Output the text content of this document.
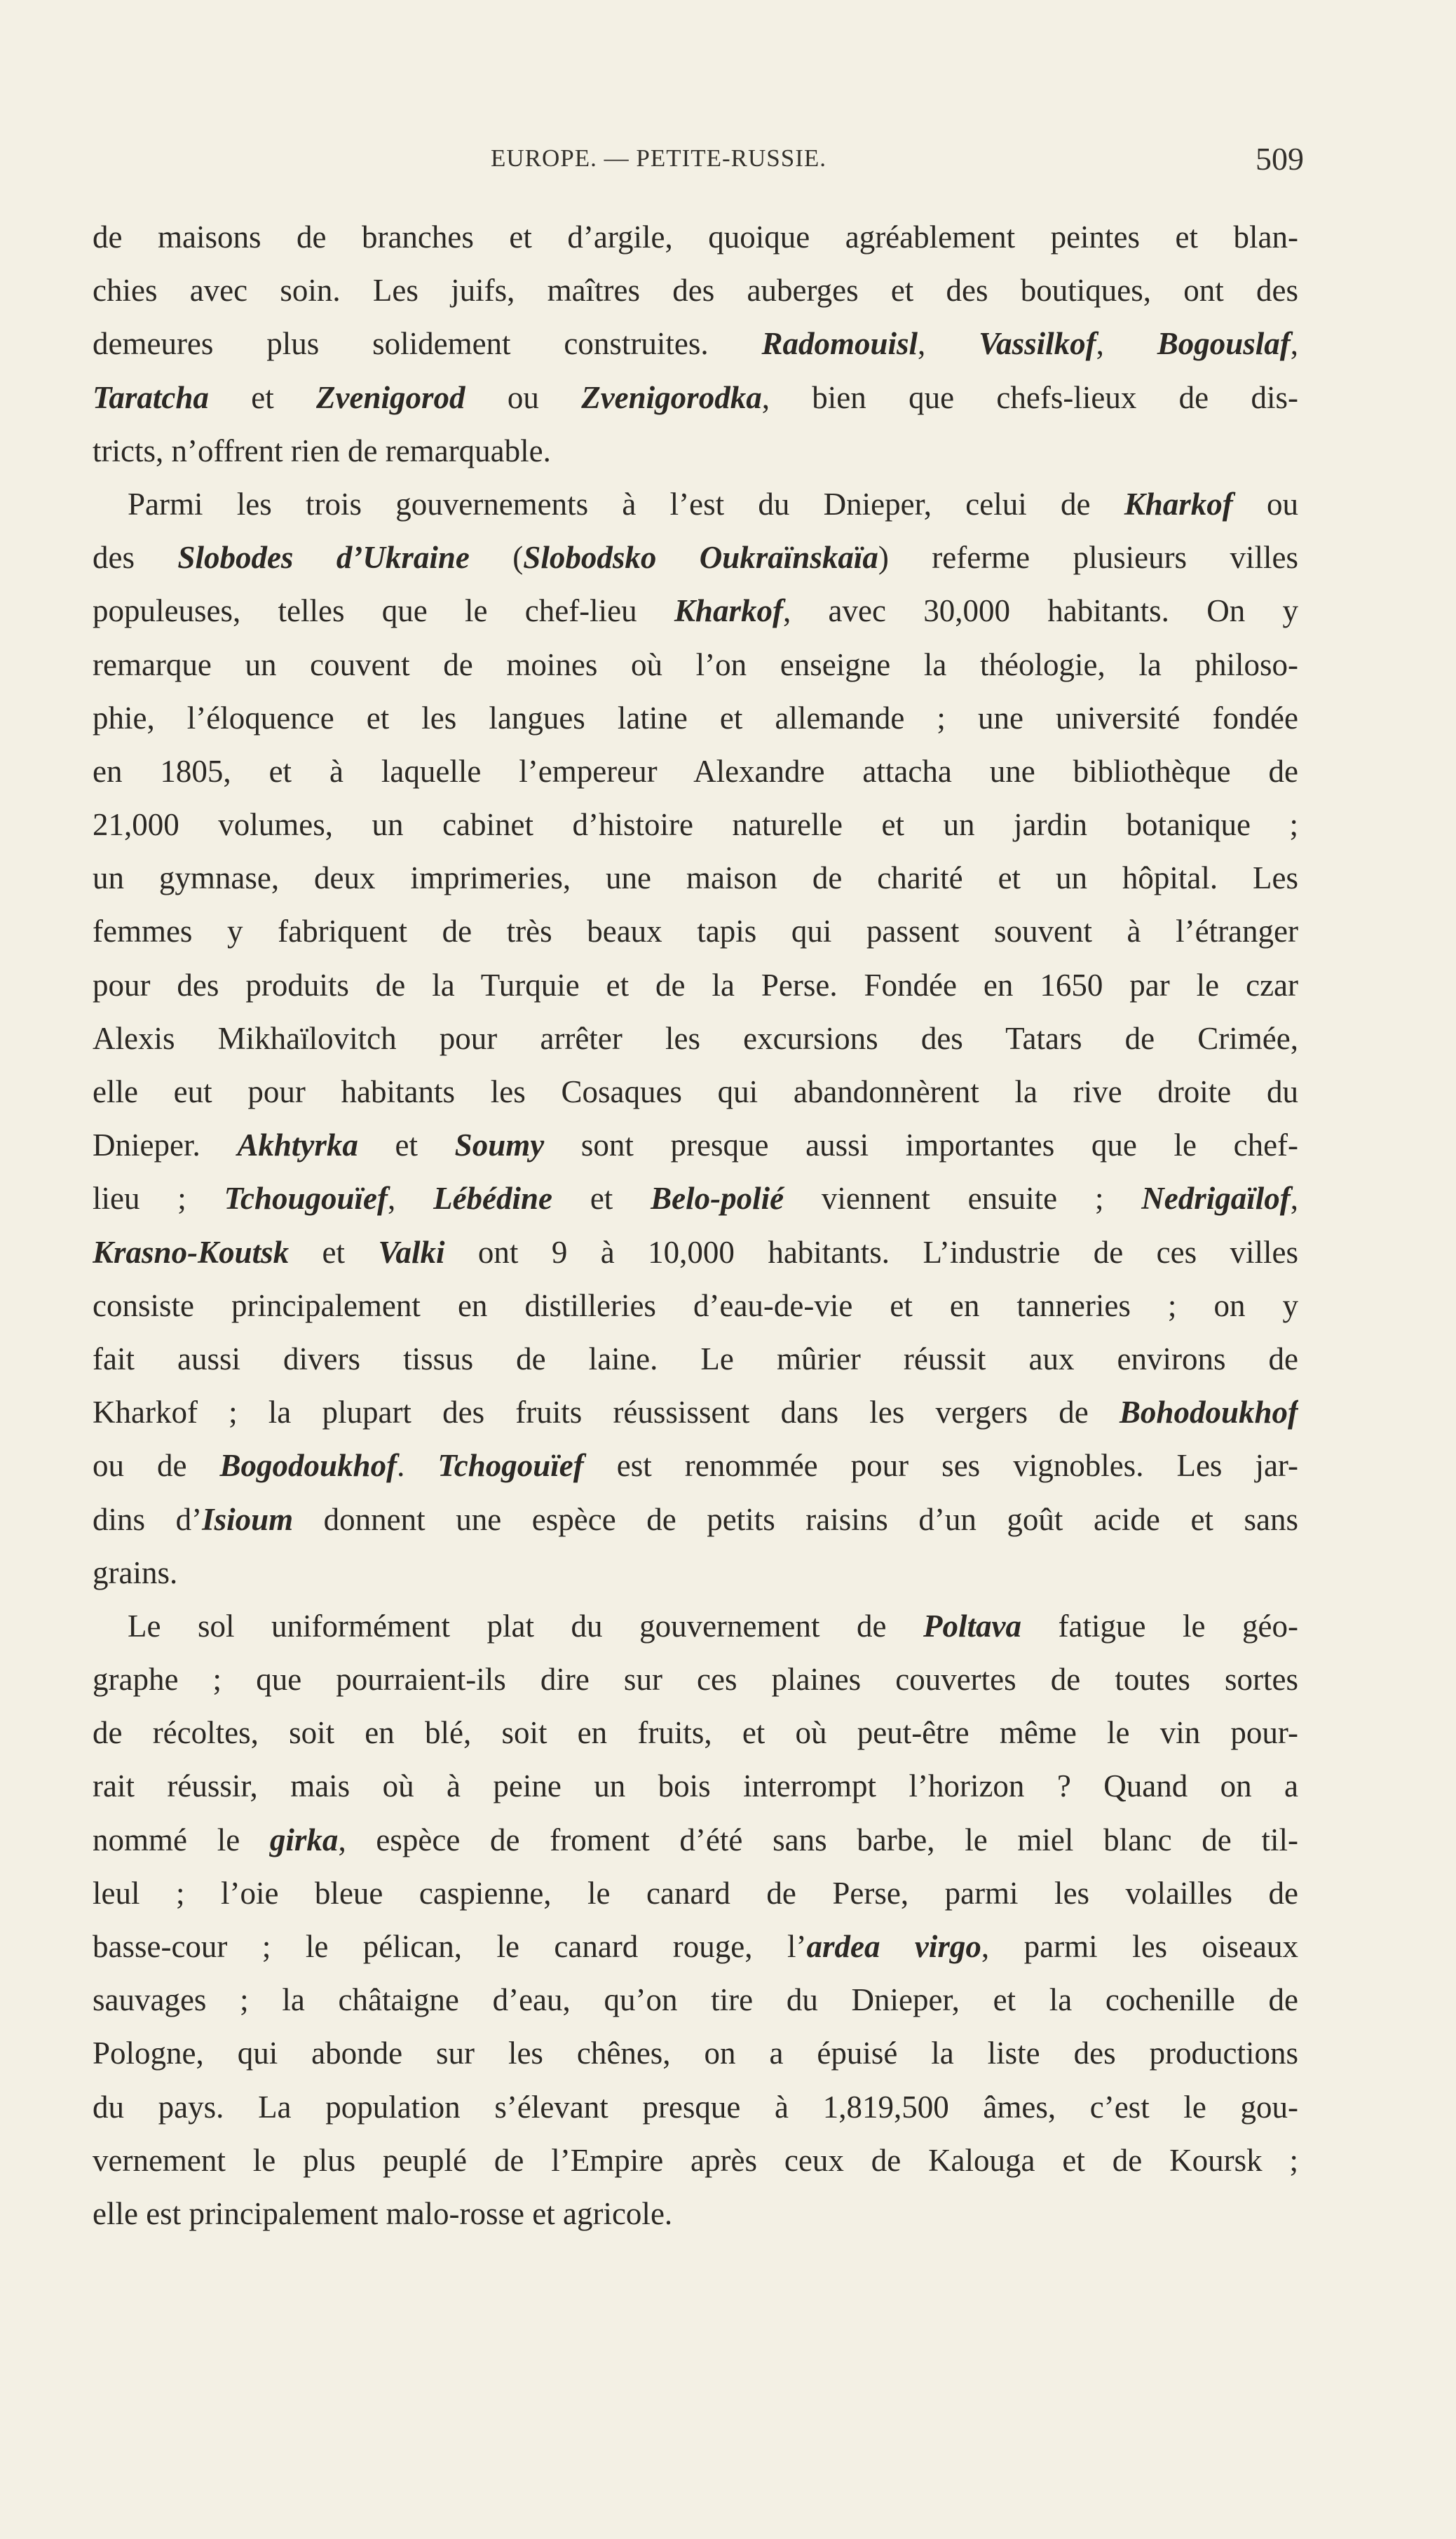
EUROPE. — PETITE-RUSSIE.	509
de maisons de branches et d’argile, quoique agréablement peintes et blan-
chies avec soin. Les juifs, maîtres des auberges et des boutiques, ont des
demeures plus solidement construites. Radomouisl, Vassilkof, Bogouslaf,
Taratcha et Zvenigorod ou Zvenigorodka, bien que chefs-lieux de dis-
tricts, n’offrent rien de remarquable.
Parmi les trois gouvernements à l’est du Dnieper, celui de Kharkof ou
des Slobodes d’Ukraine (Slobodsko Oukraïnskaïa) referme plusieurs villes
populeuses, telles que le chef-lieu Kharkof, avec 30,000 habitants. On y
remarque un couvent de moines où l’on enseigne la théologie, la philoso-
phie, l’éloquence et les langues latine et allemande ; une université fondée
en 1805, et à laquelle l’empereur Alexandre attacha une bibliothèque de
21,000 volumes, un cabinet d’histoire naturelle et un jardin botanique ;
un gymnase, deux imprimeries, une maison de charité et un hôpital. Les
femmes y fabriquent de très beaux tapis qui passent souvent à l’étranger
pour des produits de la Turquie et de la Perse. Fondée en 1650 par le czar
Alexis Mikhaïlovitch pour arrêter les excursions des Tatars de Crimée,
elle eut pour habitants les Cosaques qui abandonnèrent la rive droite du
Dnieper. Akhtyrka et Soumy sont presque aussi importantes que le chef-
lieu ; Tchougouïef, Lébédine et Belo-polié viennent ensuite ; Nedrigaïlof,
Krasno-Koutsk et Valki ont 9 à 10,000 habitants. L’industrie de ces villes
consiste principalement en distilleries d’eau-de-vie et en tanneries ; on y
fait aussi divers tissus de laine. Le mûrier réussit aux environs de
Kharkof ; la plupart des fruits réussissent dans les vergers de Bohodoukhof
ou de Bogodoukhof. Tchogouïef est renommée pour ses vignobles. Les jar-
dins d’Isioum donnent une espèce de petits raisins d’un goût acide et sans
grains.
Le sol uniformément plat du gouvernement de Poltava fatigue le géo-
graphe ; que pourraient-ils dire sur ces plaines couvertes de toutes sortes
de récoltes, soit en blé, soit en fruits, et où peut-être même le vin pour-
rait réussir, mais où à peine un bois interrompt l’horizon ? Quand on a
nommé le girka, espèce de froment d’été sans barbe, le miel blanc de til-
leul ; l’oie bleue caspienne, le canard de Perse, parmi les volailles de
basse-cour ; le pélican, le canard rouge, l’ardea virgo, parmi les oiseaux
sauvages ; la châtaigne d’eau, qu’on tire du Dnieper, et la cochenille de
Pologne, qui abonde sur les chênes, on a épuisé la liste des productions
du pays. La population s’élevant presque à 1,819,500 âmes, c’est le gou-
vernement le plus peuplé de l’Empire après ceux de Kalouga et de Koursk ;
elle est principalement malo-rosse et agricole.
